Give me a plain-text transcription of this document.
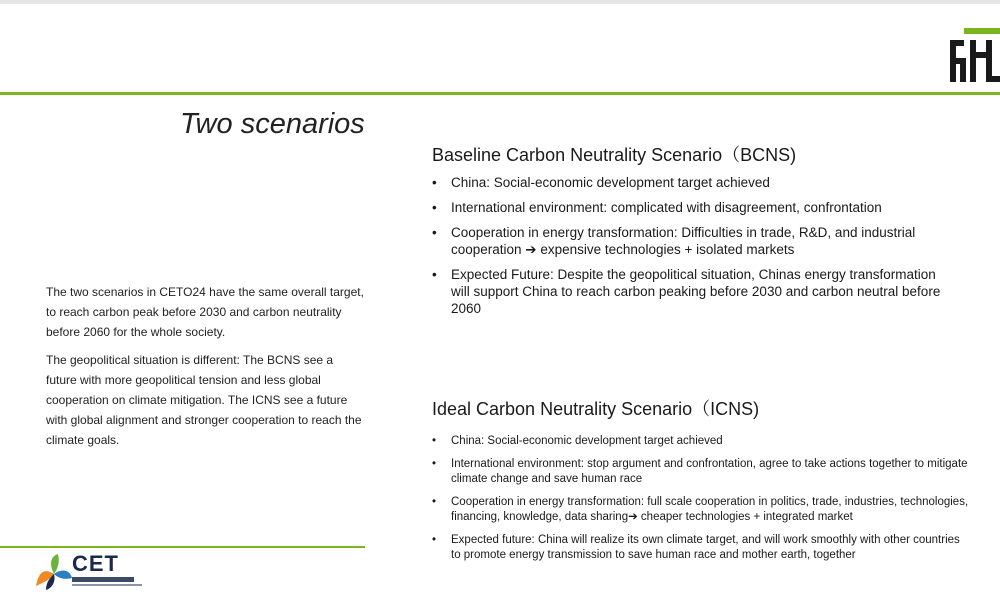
Two scenarios

The two scenarios in CETO24 have the same overall target, to reach carbon peak before 2030 and carbon neutrality before 2060 for the whole society.

The geopolitical situation is different: The BCNS see a future with more geopolitical tension and less global cooperation on climate mitigation. The ICNS see a future with global alignment and stronger cooperation to reach the climate goals.

Baseline Carbon Neutrality Scenario（BCNS)
• China: Social-economic development target achieved
• International environment: complicated with disagreement, confrontation
• Cooperation in energy transformation: Difficulties in trade, R&D, and industrial cooperation ➔ expensive technologies + isolated markets
• Expected Future: Despite the geopolitical situation, Chinas energy transformation will support China to reach carbon peaking before 2030 and carbon neutral before 2060
Ideal Carbon Neutrality Scenario（ICNS)
• China: Social-economic development target achieved
• International environment: stop argument and confrontation, agree to take actions together to mitigate climate change and save human race
• Cooperation in energy transformation: full scale cooperation in politics, trade, industries, technologies, financing, knowledge, data sharing➔ cheaper technologies + integrated market
• Expected future: China will realize its own climate target, and will work smoothly with other countries to promote energy transmission to save human race and mother earth, together
CET
